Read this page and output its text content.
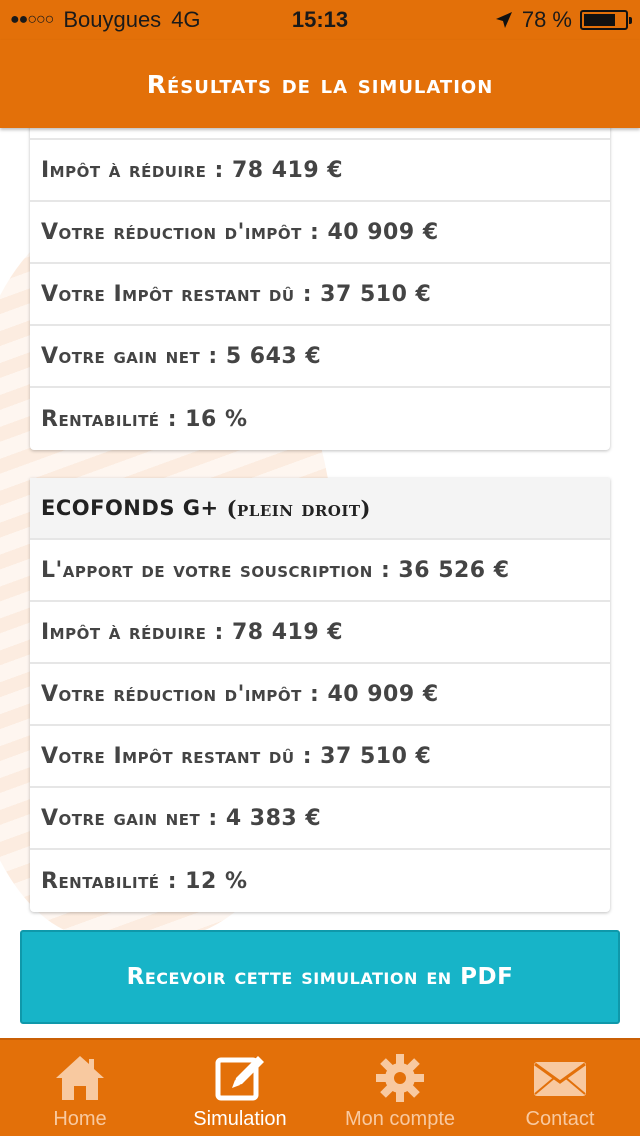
●●○○○ Bouygues 4G	15:13	78 %
Résultats de la simulation
Impôt à réduire : 78 419 €
Votre réduction d'impôt : 40 909 €
Votre Impôt restant dû : 37 510 €
Votre gain net : 5 643 €
Rentabilité : 16 %
ECOFONDS G+ (plein droit)
L'apport de votre souscription : 36 526 €
Impôt à réduire : 78 419 €
Votre réduction d'impôt : 40 909 €
Votre Impôt restant dû : 37 510 €
Votre gain net : 4 383 €
Rentabilité : 12 %
Recevoir cette simulation en PDF
Home	Simulation	Mon compte	Contact
